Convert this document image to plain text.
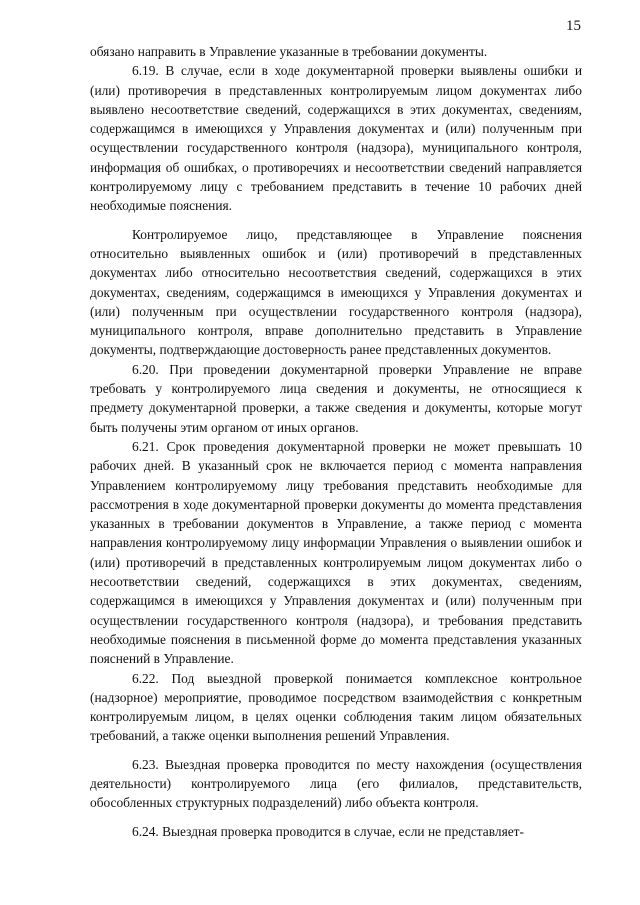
15

обязано направить в Управление указанные в требовании документы.

6.19. В случае, если в ходе документарной проверки выявлены ошибки и (или) противоречия в представленных контролируемым лицом документах либо выявлено несоответствие сведений, содержащихся в этих документах, сведениям, содержащимся в имеющихся у Управления документах и (или) полученным при осуществлении государственного контроля (надзора), муниципального контроля, информация об ошибках, о противоречиях и несоответствии сведений направляется контролируемому лицу с требованием представить в течение 10 рабочих дней необходимые пояснения.

Контролируемое лицо, представляющее в Управление пояснения относительно выявленных ошибок и (или) противоречий в представленных документах либо относительно несоответствия сведений, содержащихся в этих документах, сведениям, содержащимся в имеющихся у Управления документах и (или) полученным при осуществлении государственного контроля (надзора), муниципального контроля, вправе дополнительно представить в Управление документы, подтверждающие достоверность ранее представленных документов.

6.20. При проведении документарной проверки Управление не вправе требовать у контролируемого лица сведения и документы, не относящиеся к предмету документарной проверки, а также сведения и документы, которые могут быть получены этим органом от иных органов.

6.21. Срок проведения документарной проверки не может превышать 10 рабочих дней. В указанный срок не включается период с момента направления Управлением контролируемому лицу требования представить необходимые для рассмотрения в ходе документарной проверки документы до момента представления указанных в требовании документов в Управление, а также период с момента направления контролируемому лицу информации Управления о выявлении ошибок и (или) противоречий в представленных контролируемым лицом документах либо о несоответствии сведений, содержащихся в этих документах, сведениям, содержащимся в имеющихся у Управления документах и (или) полученным при осуществлении государственного контроля (надзора), и требования представить необходимые пояснения в письменной форме до момента представления указанных пояснений в Управление.

6.22. Под выездной проверкой понимается комплексное контрольное (надзорное) мероприятие, проводимое посредством взаимодействия с конкретным контролируемым лицом, в целях оценки соблюдения таким лицом обязательных требований, а также оценки выполнения решений Управления.

6.23. Выездная проверка проводится по месту нахождения (осуществления деятельности) контролируемого лица (его филиалов, представительств, обособленных структурных подразделений) либо объекта контроля.

6.24. Выездная проверка проводится в случае, если не представляет-
